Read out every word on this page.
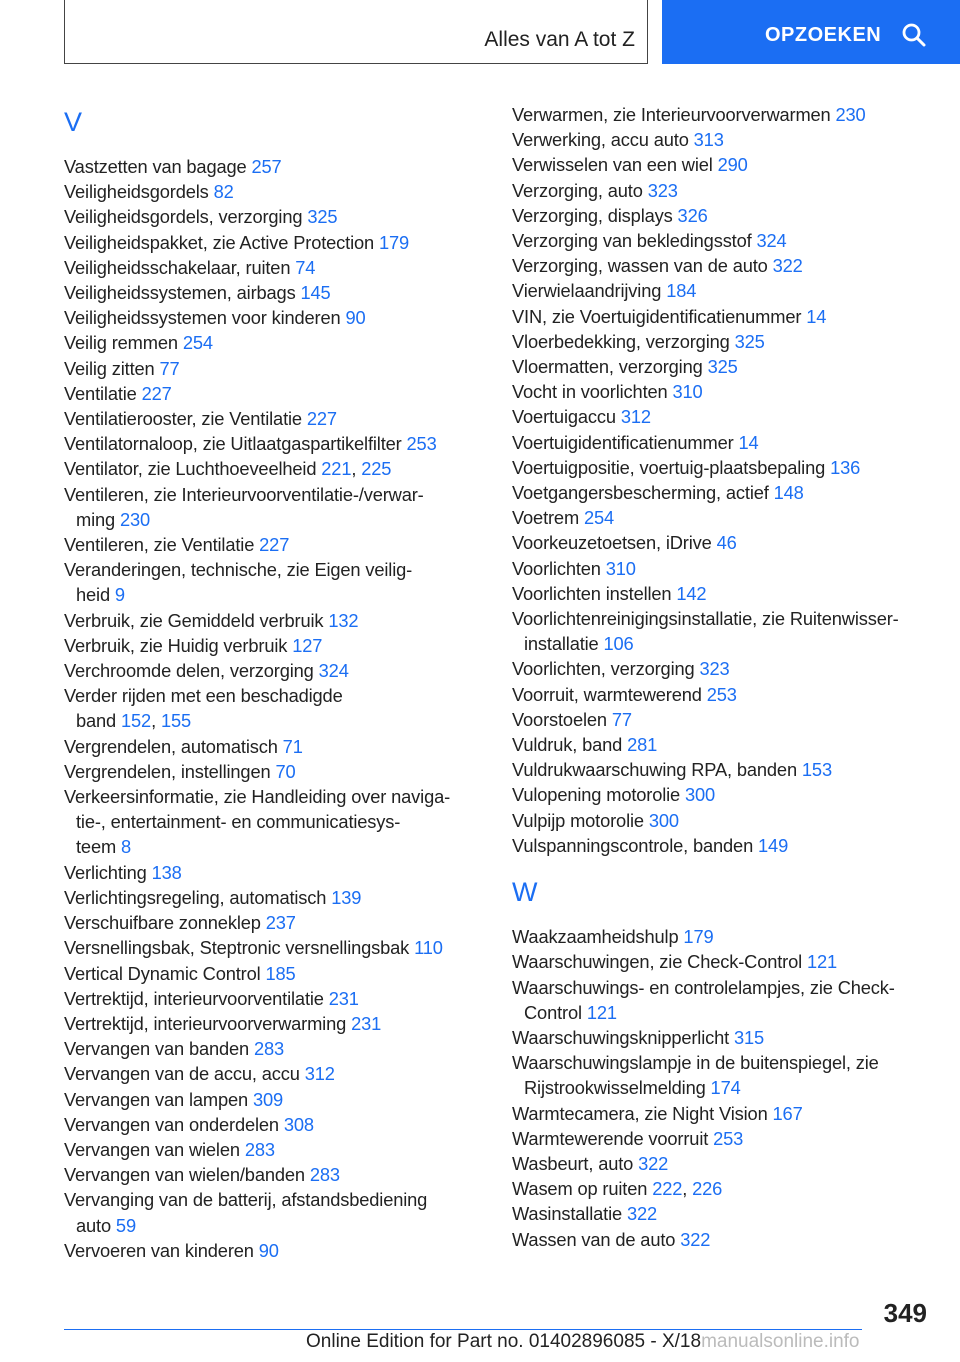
Alles van A tot Z	OPZOEKEN
V
Vastzetten van bagage 257
Veiligheidsgordels 82
Veiligheidsgordels, verzorging 325
Veiligheidspakket, zie Active Protection 179
Veiligheidsschakelaar, ruiten 74
Veiligheidssystemen, airbags 145
Veiligheidssystemen voor kinderen 90
Veilig remmen 254
Veilig zitten 77
Ventilatie 227
Ventilatierooster, zie Ventilatie 227
Ventilatornaloop, zie Uitlaatgaspartikelfilter 253
Ventilator, zie Luchthoeveelheid 221, 225
Ventileren, zie Interieurvoorventilatie-/verwar-
ming 230
Ventileren, zie Ventilatie 227
Veranderingen, technische, zie Eigen veilig-
heid 9
Verbruik, zie Gemiddeld verbruik 132
Verbruik, zie Huidig verbruik 127
Verchroomde delen, verzorging 324
Verder rijden met een beschadigde
band 152, 155
Vergrendelen, automatisch 71
Vergrendelen, instellingen 70
Verkeersinformatie, zie Handleiding over naviga-
tie-, entertainment- en communicatiesys-
teem 8
Verlichting 138
Verlichtingsregeling, automatisch 139
Verschuifbare zonneklep 237
Versnellingsbak, Steptronic versnellingsbak 110
Vertical Dynamic Control 185
Vertrektijd, interieurvoorventilatie 231
Vertrektijd, interieurvoorverwarming 231
Vervangen van banden 283
Vervangen van de accu, accu 312
Vervangen van lampen 309
Vervangen van onderdelen 308
Vervangen van wielen 283
Vervangen van wielen/banden 283
Vervanging van de batterij, afstandsbediening
auto 59
Vervoeren van kinderen 90
Verwarmen, zie Interieurvoorverwarmen 230
Verwerking, accu auto 313
Verwisselen van een wiel 290
Verzorging, auto 323
Verzorging, displays 326
Verzorging van bekledingsstof 324
Verzorging, wassen van de auto 322
Vierwielaandrijving 184
VIN, zie Voertuigidentificatienummer 14
Vloerbedekking, verzorging 325
Vloermatten, verzorging 325
Vocht in voorlichten 310
Voertuigaccu 312
Voertuigidentificatienummer 14
Voertuigpositie, voertuig-plaatsbepaling 136
Voetgangersbescherming, actief 148
Voetrem 254
Voorkeuzetoetsen, iDrive 46
Voorlichten 310
Voorlichten instellen 142
Voorlichtenreinigingsinstallatie, zie Ruitenwisser-
installatie 106
Voorlichten, verzorging 323
Voorruit, warmtewerend 253
Voorstoelen 77
Vuldruk, band 281
Vuldrukwaarschuwing RPA, banden 153
Vulopening motorolie 300
Vulpijp motorolie 300
Vulspanningscontrole, banden 149
W
Waakzaamheidshulp 179
Waarschuwingen, zie Check-Control 121
Waarschuwings- en controlelampjes, zie Check-
Control 121
Waarschuwingsknipperlicht 315
Waarschuwingslampje in de buitenspiegel, zie
Rijstrookwisselmelding 174
Warmtecamera, zie Night Vision 167
Warmtewerende voorruit 253
Wasbeurt, auto 322
Wasem op ruiten 222, 226
Wasinstallatie 322
Wassen van de auto 322
349
Online Edition for Part no. 01402896085 - X/18manualsonline.info
